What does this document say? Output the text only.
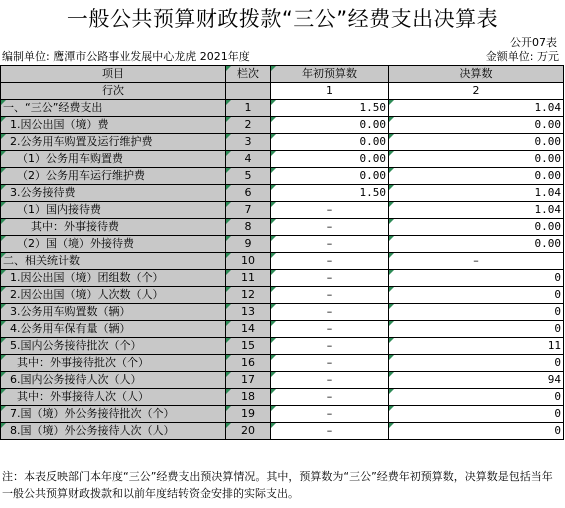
一般公共预算财政拨款“三公”经费支出决算表
公开07表
编制单位: 鹰潭市公路事业发展中心龙虎 2021年度	金额单位: 万元
项目	栏次	年初预算数	决算数
行次		1	2
一、“三公”经费支出	1	1.50	1.04
1.因公出国（境）费	2	0.00	0.00
2.公务用车购置及运行维护费	3	0.00	0.00
（1）公务用车购置费	4	0.00	0.00
（2）公务用车运行维护费	5	0.00	0.00
3.公务接待费	6	1.50	1.04
（1）国内接待费	7	–	1.04
其中：外事接待费	8	–	0.00
（2）国（境）外接待费	9	–	0.00
二、相关统计数	10	–	–
1.因公出国（境）团组数（个）	11	–	0
2.因公出国（境）人次数（人）	12	–	0
3.公务用车购置数（辆）	13	–	0
4.公务用车保有量（辆）	14	–	0
5.国内公务接待批次（个）	15	–	11
其中：外事接待批次（个）	16	–	0
6.国内公务接待人次（人）	17	–	94
其中：外事接待人次（人）	18	–	0
7.国（境）外公务接待批次（个）	19	–	0
8.国（境）外公务接待人次（人）	20	–	0
注：本表反映部门本年度“三公”经费支出预决算情况。其中，预算数为“三公”经费年初预算数，决算数是包括当年一般公共预算财政拨款和以前年度结转资金安排的实际支出。
